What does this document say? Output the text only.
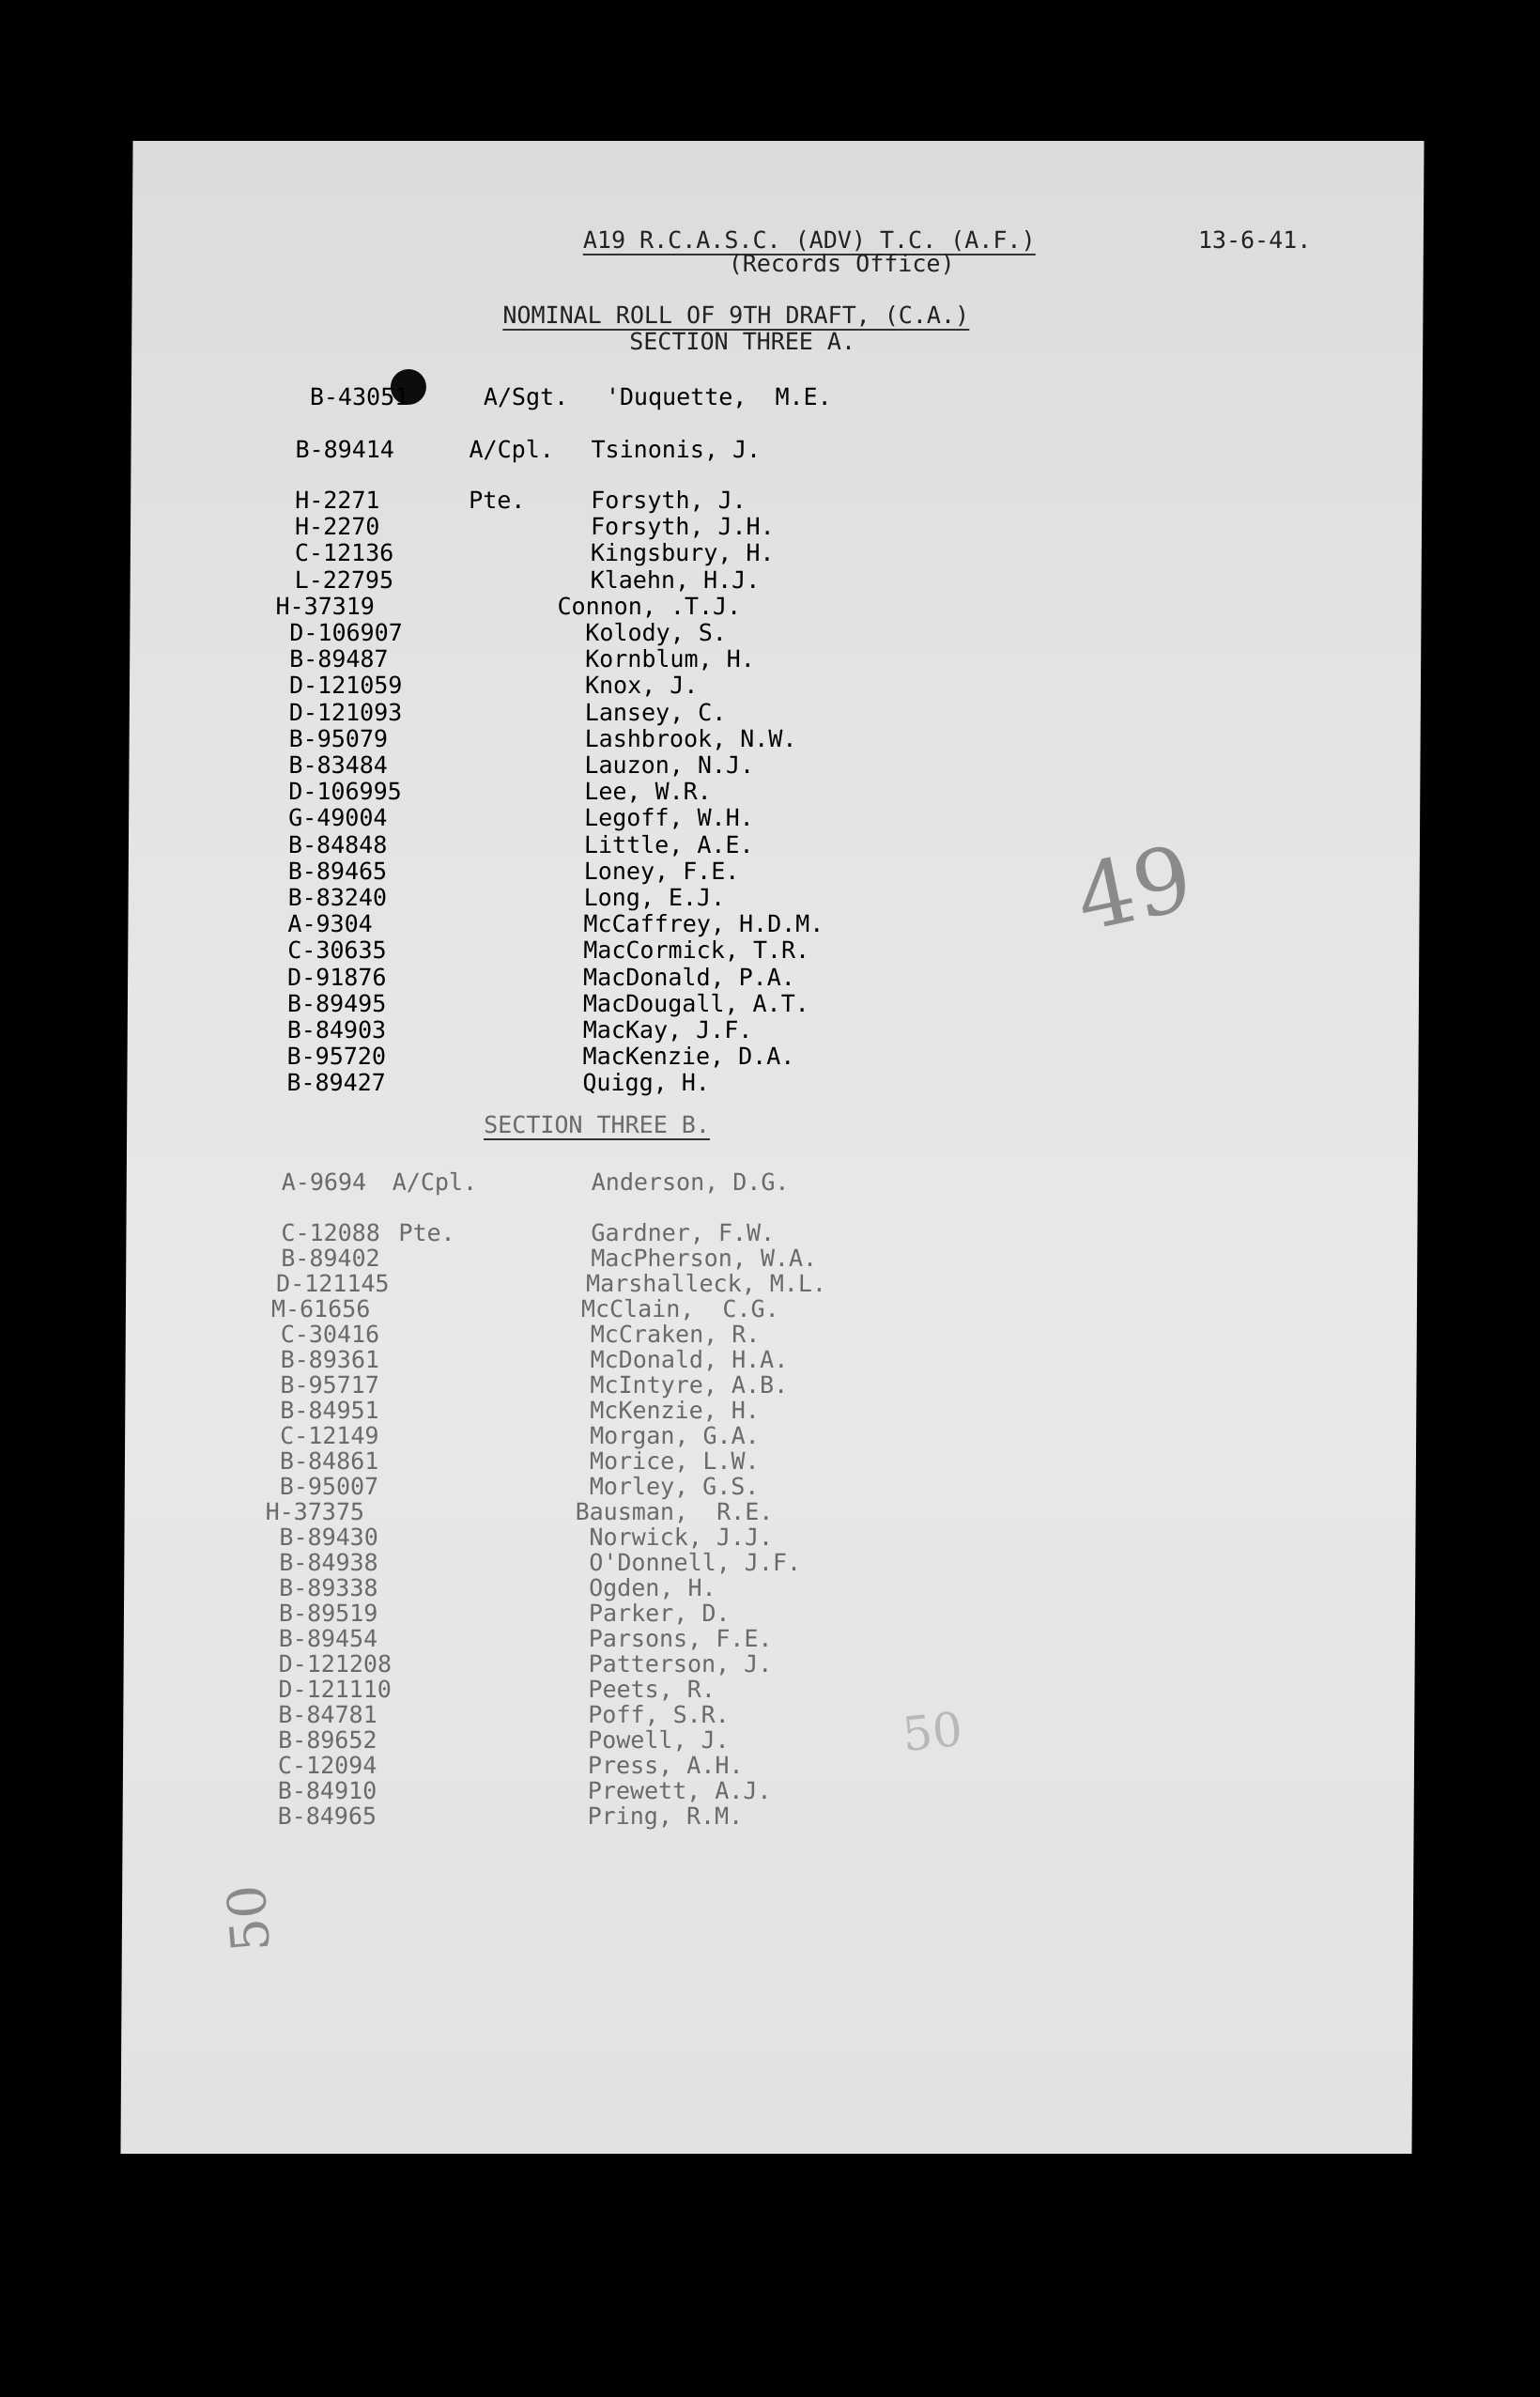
A19 R.C.A.S.C. (ADV) T.C. (A.F.)	13-6-41.
(Records Office)
NOMINAL ROLL OF 9TH DRAFT, (C.A.)
SECTION THREE A.
B-43051	A/Sgt. 'Duquette,  M.E.
B-89414	A/Cpl. Tsinonis, J.
H-2271	Pte.	Forsyth, J.
H-2270	Forsyth, J.H.
C-12136	Kingsbury, H.
L-22795	Klaehn, H.J.
H-37319	Connon, .T.J.
D-106907	Kolody, S.
B-89487	Kornblum, H.
D-121059	Knox, J.
D-121093	Lansey, C.
B-95079	Lashbrook, N.W.
B-83484	Lauzon, N.J.
D-106995	Lee, W.R.
G-49004	Legoff, W.H.
B-84848	Little, A.E.
B-89465	Loney, F.E.
B-83240	Long, E.J.
A-9304	McCaffrey, H.D.M.
C-30635	MacCormick, T.R.
D-91876	MacDonald, P.A.
B-89495	MacDougall, A.T.
B-84903	MacKay, J.F.
B-95720	MacKenzie, D.A.
B-89427	Quigg, H.
SECTION THREE B.
A-9694 A/Cpl.	Anderson, D.G.
C-12088 Pte.	Gardner, F.W.
B-89402	MacPherson, W.A.
D-121145	Marshalleck, M.L.
M-61656	McClain,  C.G.
C-30416	McCraken, R.
B-89361	McDonald, H.A.
B-95717	McIntyre, A.B.
B-84951	McKenzie, H.
C-12149	Morgan, G.A.
B-84861	Morice, L.W.
B-95007	Morley, G.S.
H-37375	Bausman,  R.E.
B-89430	Norwick, J.J.
B-84938	O'Donnell, J.F.
B-89338	Ogden, H.
B-89519	Parker, D.
B-89454	Parsons, F.E.
D-121208	Patterson, J.
D-121110	Peets, R.
B-84781	Poff, S.R.
B-89652	Powell, J.
C-12094	Press, A.H.
B-84910	Prewett, A.J.
B-84965	Pring, R.M.
49
50
50
